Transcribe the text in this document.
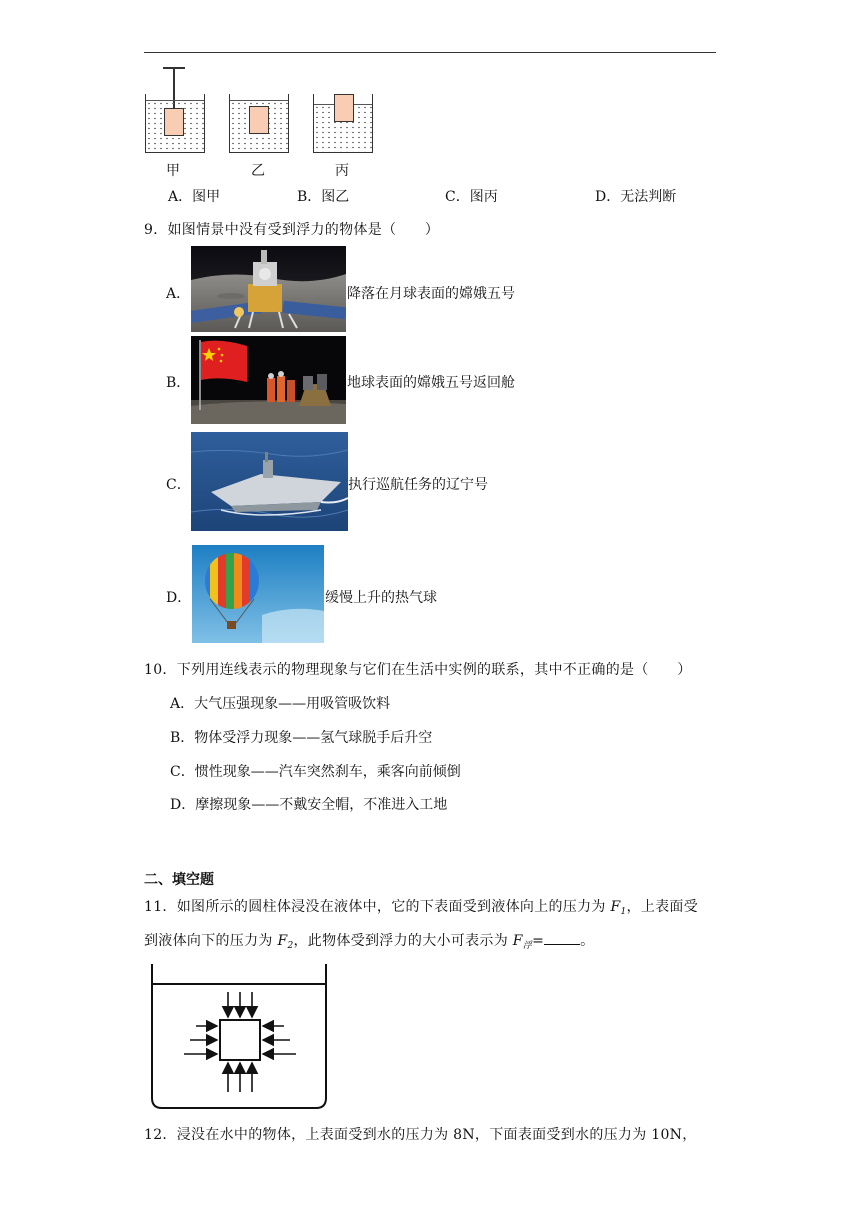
甲	乙	丙
A．图甲	B．图乙	C．图丙	D．无法判断
9．如图情景中没有受到浮力的物体是（　　）
A．	降落在月球表面的嫦娥五号
B．	地球表面的嫦娥五号返回舱
C．	执行巡航任务的辽宁号
D．	缓慢上升的热气球
10．下列用连线表示的物理现象与它们在生活中实例的联系，其中不正确的是（　　）
A．大气压强现象——用吸管吸饮料
B．物体受浮力现象——氢气球脱手后升空
C．惯性现象——汽车突然刹车，乘客向前倾倒
D．摩擦现象——不戴安全帽，不准进入工地
二、填空题
11．如图所示的圆柱体浸没在液体中，它的下表面受到液体向上的压力为 $F_1$，上表面受
到液体向下的压力为 $F_2$，此物体受到浮力的大小可表示为 $F_浮=$	。
12．浸没在水中的物体，上表面受到水的压力为 8N，下面表面受到水的压力为 10N，
